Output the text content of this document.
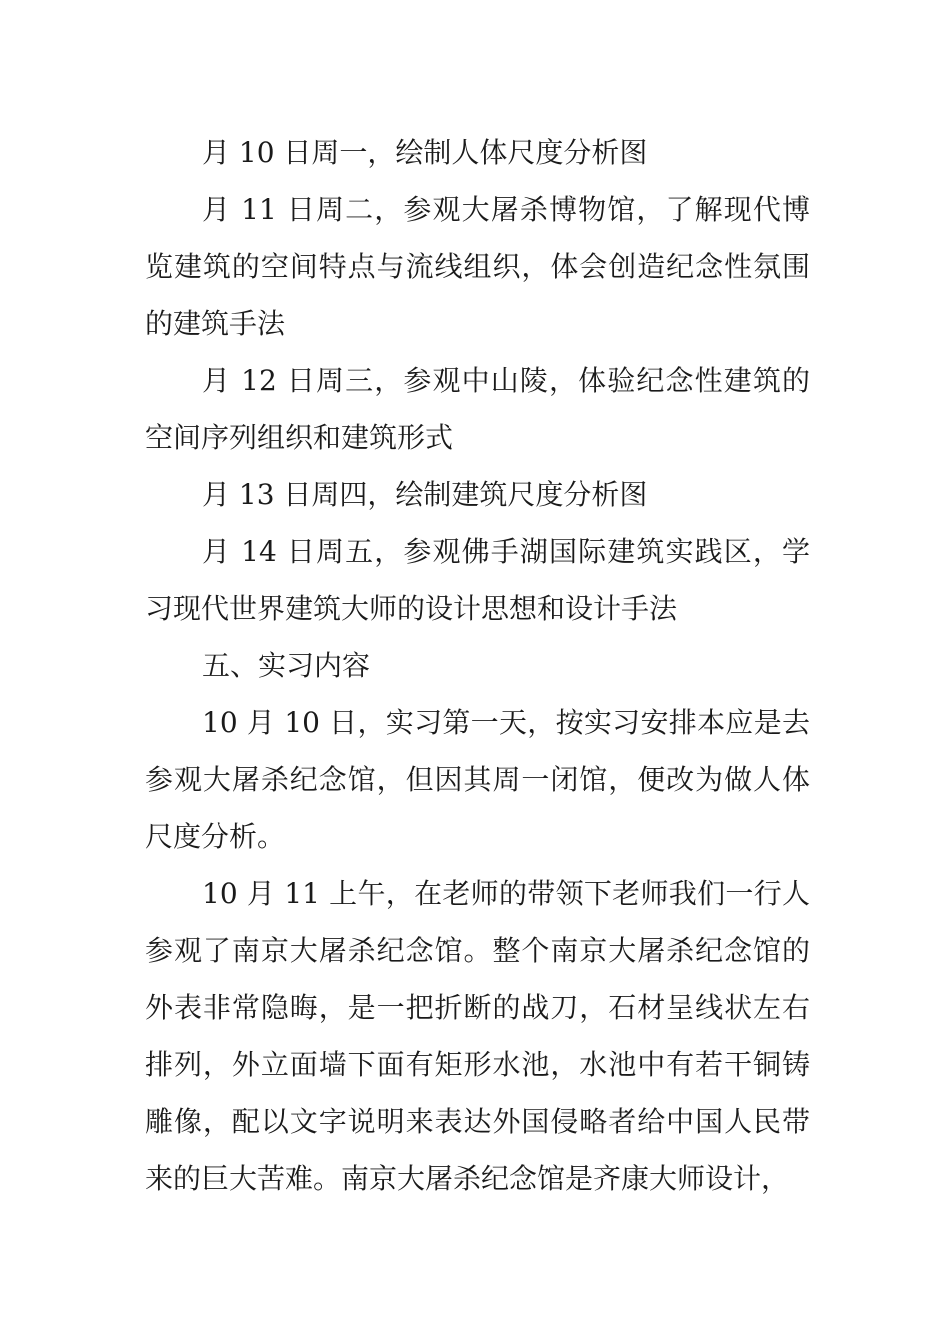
月 10 日周一，绘制人体尺度分析图

月 11 日周二，参观大屠杀博物馆，了解现代博览建筑的空间特点与流线组织，体会创造纪念性氛围的建筑手法

月 12 日周三，参观中山陵，体验纪念性建筑的空间序列组织和建筑形式

月 13 日周四，绘制建筑尺度分析图

月 14 日周五，参观佛手湖国际建筑实践区，学习现代世界建筑大师的设计思想和设计手法

五、实习内容

10 月 10 日，实习第一天，按实习安排本应是去参观大屠杀纪念馆，但因其周一闭馆，便改为做人体尺度分析。

10 月 11 上午，在老师的带领下老师我们一行人参观了南京大屠杀纪念馆。整个南京大屠杀纪念馆的外表非常隐晦，是一把折断的战刀，石材呈线状左右排列，外立面墙下面有矩形水池，水池中有若干铜铸雕像，配以文字说明来表达外国侵略者给中国人民带来的巨大苦难。南京大屠杀纪念馆是齐康大师设计，
